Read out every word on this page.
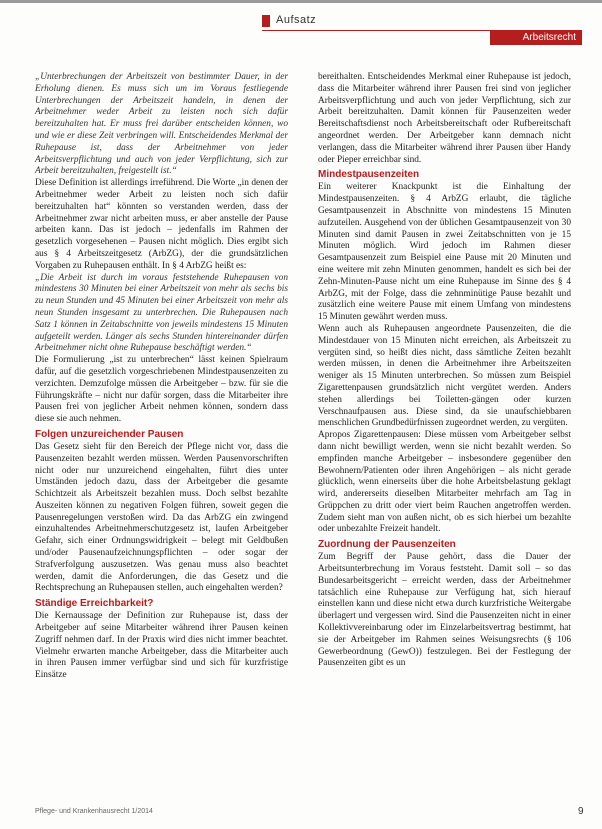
Aufsatz
Arbeitsrecht

„Unterbrechungen der Arbeitszeit von bestimmter Dauer, in der Erholung dienen. Es muss sich um im Voraus festliegende Unterbrechungen der Arbeitszeit handeln, in denen der Arbeitnehmer weder Arbeit zu leisten noch sich dafür bereitzuhalten hat. Er muss frei darüber entscheiden können, wo und wie er diese Zeit verbringen will. Entscheidendes Merkmal der Ruhepause ist, dass der Arbeitnehmer von jeder Arbeitsverpflichtung und auch von jeder Verpflichtung, sich zur Arbeit bereitzuhalten, freigestellt ist.“

Diese Definition ist allerdings irreführend. Die Worte „in denen der Arbeitnehmer weder Arbeit zu leisten noch sich dafür bereitzuhalten hat“ könnten so verstanden werden, dass der Arbeitnehmer zwar nicht arbeiten muss, er aber anstelle der Pause arbeiten kann. Das ist jedoch – jedenfalls im Rahmen der gesetzlich vorgesehenen – Pausen nicht möglich. Dies ergibt sich aus § 4 Arbeitszeitgesetz (ArbZG), der die grundsätzlichen Vorgaben zu Ruhepausen enthält. In § 4 ArbZG heißt es:

„Die Arbeit ist durch im voraus feststehende Ruhepausen von mindestens 30 Minuten bei einer Arbeitszeit von mehr als sechs bis zu neun Stunden und 45 Minuten bei einer Arbeitszeit von mehr als neun Stunden insgesamt zu unterbrechen. Die Ruhepausen nach Satz 1 können in Zeitabschnitte von jeweils mindestens 15 Minuten aufgeteilt werden. Länger als sechs Stunden hintereinander dürfen Arbeitnehmer nicht ohne Ruhepause beschäftigt werden.“

Die Formulierung „ist zu unterbrechen“ lässt keinen Spielraum dafür, auf die gesetzlich vorgeschriebenen Mindestpausenzeiten zu verzichten. Demzufolge müssen die Arbeitgeber – bzw. für sie die Führungskräfte – nicht nur dafür sorgen, dass die Mitarbeiter ihre Pausen frei von jeglicher Arbeit nehmen können, sondern dass diese sie auch nehmen.

Folgen unzureichender Pausen

Das Gesetz sieht für den Bereich der Pflege nicht vor, dass die Pausenzeiten bezahlt werden müssen. Werden Pausenvorschriften nicht oder nur unzureichend eingehalten, führt dies unter Umständen jedoch dazu, dass der Arbeitgeber die gesamte Schichtzeit als Arbeitszeit bezahlen muss. Doch selbst bezahlte Auszeiten können zu negativen Folgen führen, soweit gegen die Pausenregelungen verstoßen wird. Da das ArbZG ein zwingend einzuhaltendes Arbeitnehmerschutzgesetz ist, laufen Arbeitgeber Gefahr, sich einer Ordnungswidrigkeit – belegt mit Geldbußen und/oder Pausenaufzeichnungspflichten – oder sogar der Strafverfolgung auszusetzen. Was genau muss also beachtet werden, damit die Anforderungen, die das Gesetz und die Rechtsprechung an Ruhepausen stellen, auch eingehalten werden?

Ständige Erreichbarkeit?

Die Kernaussage der Definition zur Ruhepause ist, dass der Arbeitgeber auf seine Mitarbeiter während ihrer Pausen keinen Zugriff nehmen darf. In der Praxis wird dies nicht immer beachtet. Vielmehr erwarten manche Arbeitgeber, dass die Mitarbeiter auch in ihren Pausen immer verfügbar sind und sich für kurzfristige Einsätze

bereithalten. Entscheidendes Merkmal einer Ruhepause ist jedoch, dass die Mitarbeiter während ihrer Pausen frei sind von jeglicher Arbeitsverpflichtung und auch von jeder Verpflichtung, sich zur Arbeit bereitzuhalten. Damit können für Pausenzeiten weder Bereitschaftsdienst noch Arbeitsbereitschaft oder Rufbereitschaft angeordnet werden. Der Arbeitgeber kann demnach nicht verlangen, dass die Mitarbeiter während ihrer Pausen über Handy oder Pieper erreichbar sind.

Mindestpausenzeiten

Ein weiterer Knackpunkt ist die Einhaltung der Mindestpausenzeiten. § 4 ArbZG erlaubt, die tägliche Gesamtpausenzeit in Abschnitte von mindestens 15 Minuten aufzuteilen. Ausgehend von der üblichen Gesamtpausenzeit von 30 Minuten sind damit Pausen in zwei Zeitabschnitten von je 15 Minuten möglich. Wird jedoch im Rahmen dieser Gesamtpausenzeit zum Beispiel eine Pause mit 20 Minuten und eine weitere mit zehn Minuten genommen, handelt es sich bei der Zehn-Minuten-Pause nicht um eine Ruhepause im Sinne des § 4 ArbZG, mit der Folge, dass die zehnminütige Pause bezahlt und zusätzlich eine weitere Pause mit einem Umfang von mindestens 15 Minuten gewährt werden muss.

Wenn auch als Ruhepausen angeordnete Pausenzeiten, die die Mindestdauer von 15 Minuten nicht erreichen, als Arbeitszeit zu vergüten sind, so heißt dies nicht, dass sämtliche Zeiten bezahlt werden müssen, in denen die Arbeitnehmer ihre Arbeitszeiten weniger als 15 Minuten unterbrechen. So müssen zum Beispiel Zigarettenpausen grundsätzlich nicht vergütet werden. Anders stehen allerdings bei Toiletten-gängen oder kurzen Verschnaufpausen aus. Diese sind, da sie unaufschiebbaren menschlichen Grundbedürfnissen zugeordnet werden, zu vergüten.

Apropos Zigarettenpausen: Diese müssen vom Arbeitgeber selbst dann nicht bewilligt werden, wenn sie nicht bezahlt werden. So empfinden manche Arbeitgeber – insbesondere gegenüber den Bewohnern/Patienten oder ihren Angehörigen – als nicht gerade glücklich, wenn einerseits über die hohe Arbeitsbelastung geklagt wird, andererseits dieselben Mitarbeiter mehrfach am Tag in Grüppchen zu dritt oder viert beim Rauchen angetroffen werden. Zudem sieht man von außen nicht, ob es sich hierbei um bezahlte oder unbezahlte Freizeit handelt.

Zuordnung der Pausenzeiten

Zum Begriff der Pause gehört, dass die Dauer der Arbeitsunterbrechung im Voraus feststeht. Damit soll – so das Bundesarbeitsgericht – erreicht werden, dass der Arbeitnehmer tatsächlich eine Ruhepause zur Verfügung hat, sich hierauf einstellen kann und diese nicht etwa durch kurzfristiche Weitergabe überlagert und vergessen wird. Sind die Pausenzeiten nicht in einer Kollektivvereinbarung oder im Einzelarbeitsvertrag bestimmt, hat sie der Arbeitgeber im Rahmen seines Weisungsrechts (§ 106 Gewerbeordnung (GewO)) festzulegen. Bei der Festlegung der Pausenzeiten gibt es un

Pflege- und Krankenhausrecht 1/2014	9
